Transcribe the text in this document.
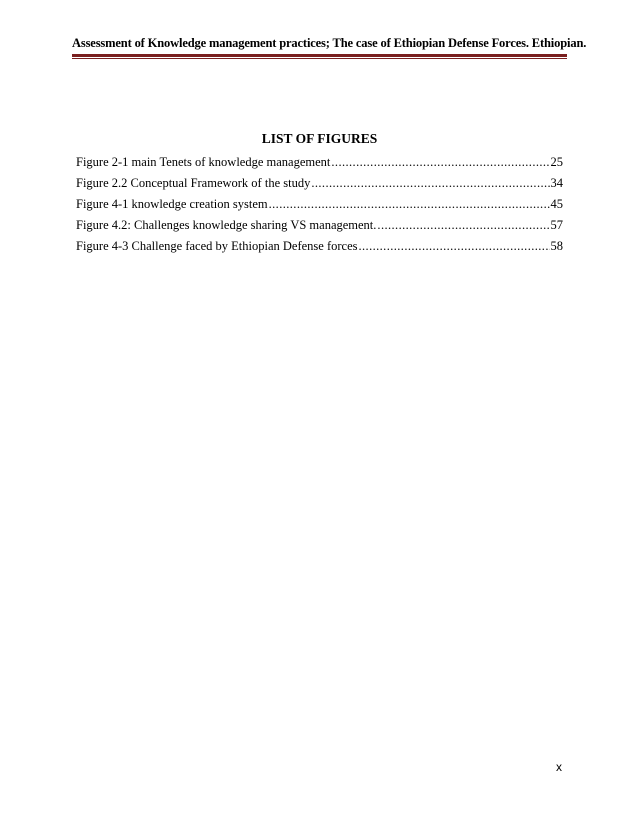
Assessment of Knowledge management practices; The case of Ethiopian Defense Forces. Ethiopian.
LIST OF FIGURES
Figure 2-1 main Tenets of knowledge management .....	25
Figure 2.2 Conceptual Framework of the study .....	34
Figure 4-1 knowledge creation system .....	45
Figure 4.2: Challenges knowledge sharing VS management. .....	57
Figure 4-3 Challenge faced by Ethiopian Defense forces .....	58
x
